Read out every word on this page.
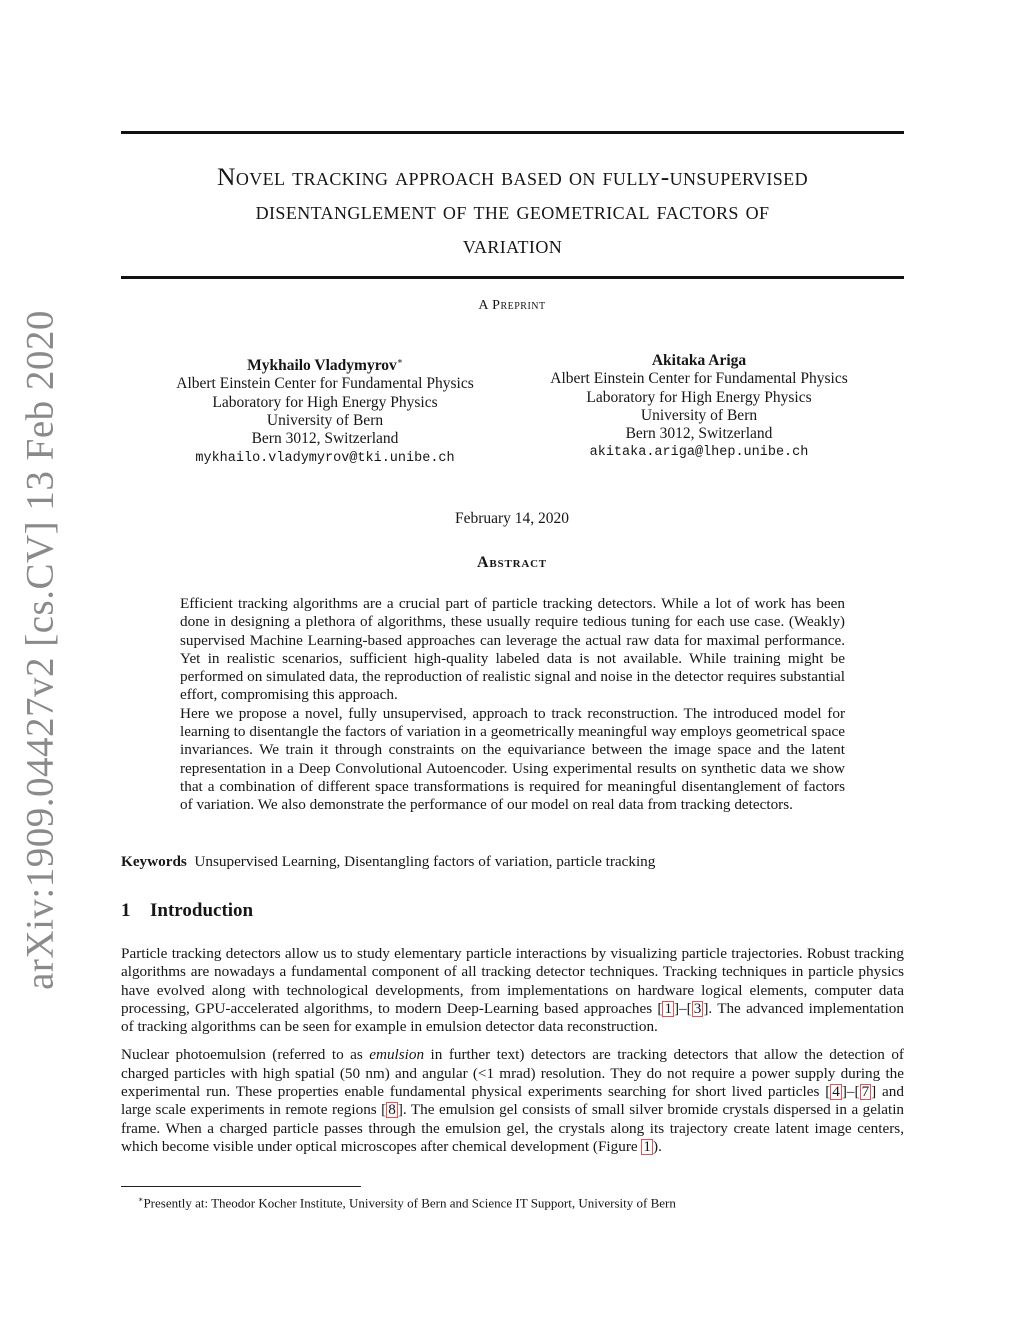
arXiv:1909.04427v2 [cs.CV] 13 Feb 2020
Novel tracking approach based on fully-unsupervised
disentanglement of the geometrical factors of
variation
A Preprint
Mykhailo Vladymyrov∗
Albert Einstein Center for Fundamental Physics
Laboratory for High Energy Physics
University of Bern
Bern 3012, Switzerland
mykhailo.vladymyrov@tki.unibe.ch
Akitaka Ariga
Albert Einstein Center for Fundamental Physics
Laboratory for High Energy Physics
University of Bern
Bern 3012, Switzerland
akitaka.ariga@lhep.unibe.ch
February 14, 2020
Abstract

Efficient tracking algorithms are a crucial part of particle tracking detectors. While a lot of work has been done in designing a plethora of algorithms, these usually require tedious tuning for each use case. (Weakly) supervised Machine Learning-based approaches can leverage the actual raw data for maximal performance. Yet in realistic scenarios, sufficient high-quality labeled data is not available. While training might be performed on simulated data, the reproduction of realistic signal and noise in the detector requires substantial effort, compromising this approach.

Here we propose a novel, fully unsupervised, approach to track reconstruction. The introduced model for learning to disentangle the factors of variation in a geometrically meaningful way employs geometrical space invariances. We train it through constraints on the equivariance between the image space and the latent representation in a Deep Convolutional Autoencoder. Using experimental results on synthetic data we show that a combination of different space transformations is required for meaningful disentanglement of factors of variation. We also demonstrate the performance of our model on real data from tracking detectors.

Keywords Unsupervised Learning, Disentangling factors of variation, particle tracking
1 Introduction

Particle tracking detectors allow us to study elementary particle interactions by visualizing particle trajectories. Robust tracking algorithms are nowadays a fundamental component of all tracking detector techniques. Tracking techniques in particle physics have evolved along with technological developments, from implementations on hardware logical elements, computer data processing, GPU-accelerated algorithms, to modern Deep-Learning based approaches [ 1 ]–[ 3 ]. The advanced implementation of tracking algorithms can be seen for example in emulsion detector data reconstruction.

Nuclear photoemulsion (referred to as emulsion in further text) detectors are tracking detectors that allow the detection of charged particles with high spatial (50 nm) and angular (<1 mrad) resolution. They do not require a power supply during the experimental run. These properties enable fundamental physical experiments searching for short lived particles [ 4 ]–[ 7 ] and large scale experiments in remote regions [ 8 ]. The emulsion gel consists of small silver bromide crystals dispersed in a gelatin frame. When a charged particle passes through the emulsion gel, the crystals along its trajectory create latent image centers, which become visible under optical microscopes after chemical development (Figure 1 ).

∗Presently at: Theodor Kocher Institute, University of Bern and Science IT Support, University of Bern
